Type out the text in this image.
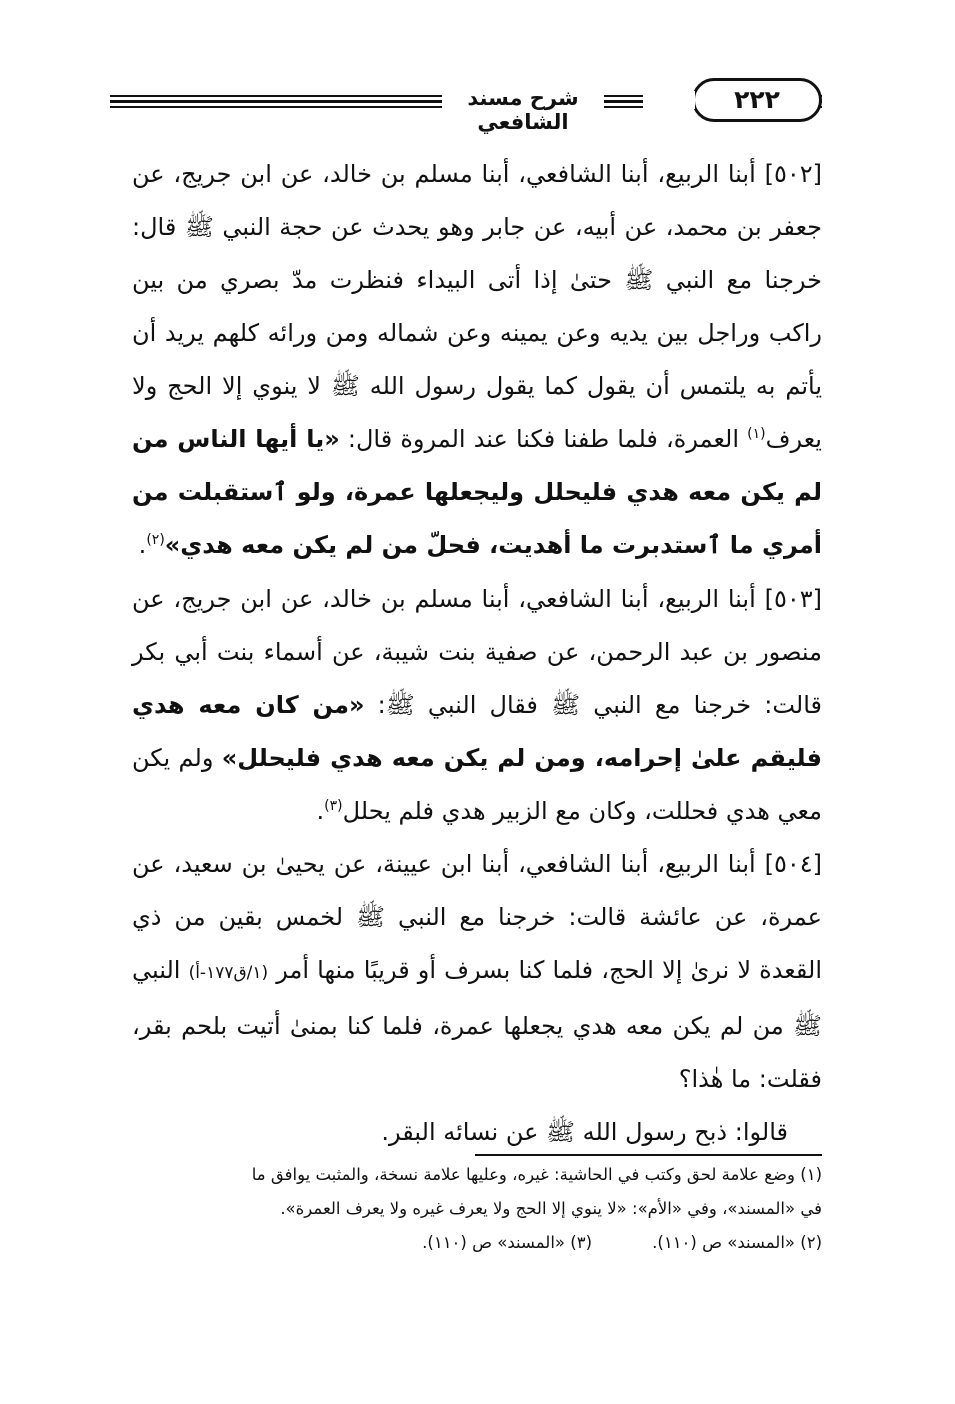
شرح مسند الشافعي
٢٢٢
[٥٠٢] أبنا الربيع، أبنا الشافعي، أبنا مسلم بن خالد، عن ابن جريج، عن جعفر بن محمد، عن أبيه، عن جابر وهو يحدث عن حجة النبي ﷺ قال: خرجنا مع النبي ﷺ حتىٰ إذا أتى البيداء فنظرت مدّ بصري من بين راكب وراجل بين يديه وعن يمينه وعن شماله ومن ورائه كلهم يريد أن يأتم به يلتمس أن يقول كما يقول رسول الله ﷺ لا ينوي إلا الحج ولا يعرف$^{(١)}$ العمرة، فلما طفنا فكنا عند المروة قال: «يا أيها الناس من لم يكن معه هدي فليحلل وليجعلها عمرة، ولو ٱستقبلت من أمري ما ٱستدبرت ما أهديت، فحلّ من لم يكن معه هدي»$^{(٢)}$.
[٥٠٣] أبنا الربيع، أبنا الشافعي، أبنا مسلم بن خالد، عن ابن جريج، عن منصور بن عبد الرحمن، عن صفية بنت شيبة، عن أسماء بنت أبي بكر قالت: خرجنا مع النبي ﷺ فقال النبي ﷺ: «من كان معه هدي فليقم علىٰ إحرامه، ومن لم يكن معه هدي فليحلل» ولم يكن معي هدي فحللت، وكان مع الزبير هدي فلم يحلل$^{(٣)}$.
[٥٠٤] أبنا الربيع، أبنا الشافعي، أبنا ابن عيينة، عن يحيىٰ بن سعيد، عن عمرة، عن عائشة قالت: خرجنا مع النبي ﷺ لخمس بقين من ذي القعدة لا نرىٰ إلا الحج، فلما كنا بسرف أو قريبًا منها أمر (١/ق١٧٧-أ) النبي ﷺ من لم يكن معه هدي يجعلها عمرة، فلما كنا بمنىٰ أتيت بلحم بقر، فقلت: ما هٰذا؟
قالوا: ذبح رسول الله ﷺ عن نسائه البقر.
(١) وضع علامة لحق وكتب في الحاشية: غيره، وعليها علامة نسخة، والمثبت يوافق ما
في «المسند»، وفي «الأم»: «لا ينوي إلا الحج ولا يعرف غيره ولا يعرف العمرة».
(٢) «المسند» ص (١١٠).(٣) «المسند» ص (١١٠).
